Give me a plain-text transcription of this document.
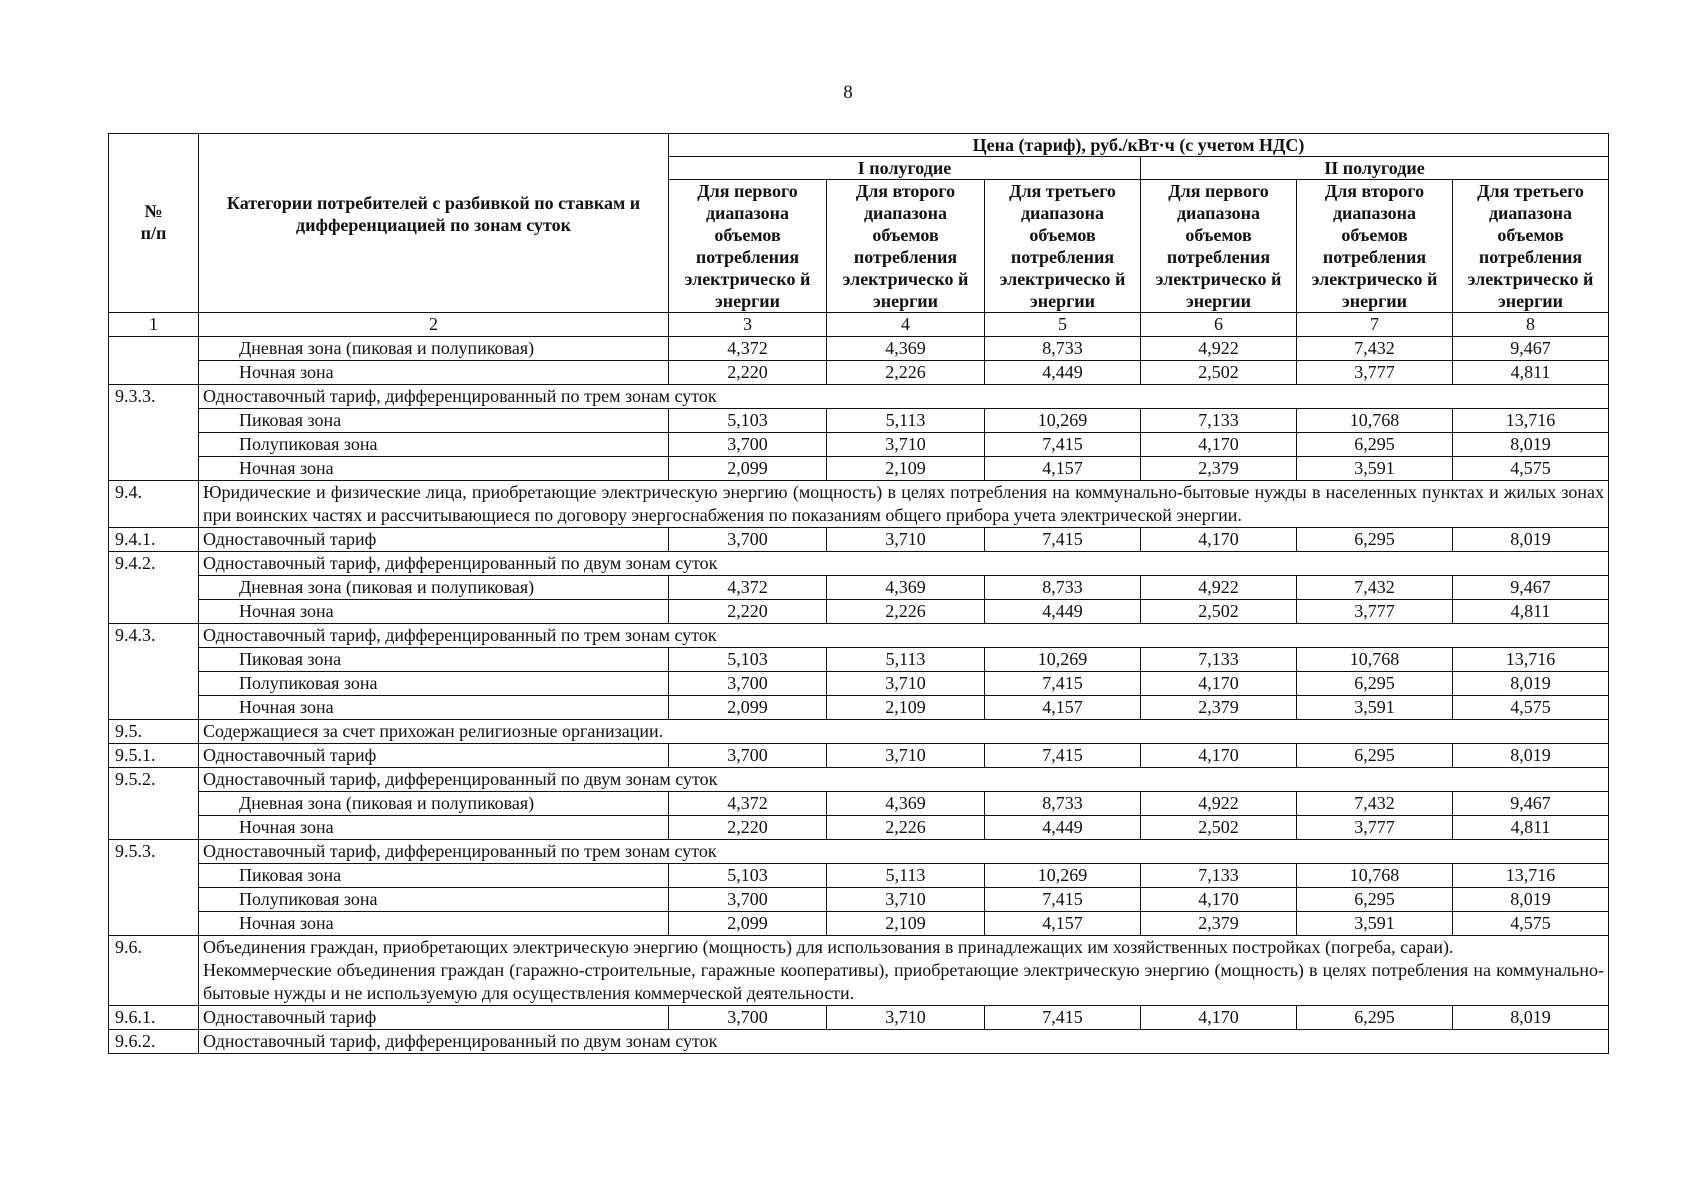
8
№
п/п	Категории потребителей с разбивкой по ставкам и дифференциацией по зонам суток	Цена (тариф), руб./кВт·ч (с учетом НДС)					
		I полугодие			II полугодие		
		Для первого диапазона объемов потребления электрическо й энергии	Для второго диапазона объемов потребления электрическо й энергии	Для третьего диапазона объемов потребления электрическо й энергии	Для первого диапазона объемов потребления электрическо й энергии	Для второго диапазона объемов потребления электрическо й энергии	Для третьего диапазона объемов потребления электрическо й энергии
1	2	3	4	5	6	7	8
	Дневная зона (пиковая и полупиковая)	4,372	4,369	8,733	4,922	7,432	9,467
	Ночная зона	2,220	2,226	4,449	2,502	3,777	4,811
9.3.3.	Одноставочный тариф, дифференцированный по трем зонам суток						

	Пиковая зона	5,103	5,113	10,269	7,133	10,768	13,716
	Полупиковая зона	3,700	3,710	7,415	4,170	6,295	8,019
	Ночная зона	2,099	2,109	4,157	2,379	3,591	4,575
9.4.	Юридические и физические лица, приобретающие электрическую энергию (мощность) в целях потребления на коммунально-бытовые нужды в населенных пунктах и жилых зонах при воинских частях и рассчитывающиеся по договору энергоснабжения по показаниям общего прибора учета электрической энергии.						

9.4.1.	Одноставочный тариф	3,700	3,710	7,415	4,170	6,295	8,019
9.4.2.	Одноставочный тариф, дифференцированный по двум зонам суток						

	Дневная зона (пиковая и полупиковая)	4,372	4,369	8,733	4,922	7,432	9,467
	Ночная зона	2,220	2,226	4,449	2,502	3,777	4,811
9.4.3.	Одноставочный тариф, дифференцированный по трем зонам суток						

	Пиковая зона	5,103	5,113	10,269	7,133	10,768	13,716
	Полупиковая зона	3,700	3,710	7,415	4,170	6,295	8,019
	Ночная зона	2,099	2,109	4,157	2,379	3,591	4,575
9.5.	Содержащиеся за счет прихожан религиозные организации.						

9.5.1.	Одноставочный тариф	3,700	3,710	7,415	4,170	6,295	8,019
9.5.2.	Одноставочный тариф, дифференцированный по двум зонам суток						

	Дневная зона (пиковая и полупиковая)	4,372	4,369	8,733	4,922	7,432	9,467
	Ночная зона	2,220	2,226	4,449	2,502	3,777	4,811
9.5.3.	Одноставочный тариф, дифференцированный по трем зонам суток						

	Пиковая зона	5,103	5,113	10,269	7,133	10,768	13,716
	Полупиковая зона	3,700	3,710	7,415	4,170	6,295	8,019
	Ночная зона	2,099	2,109	4,157	2,379	3,591	4,575
9.6.	Объединения граждан, приобретающих электрическую энергию (мощность) для использования в принадлежащих им хозяйственных постройках (погреба, сараи).
Некоммерческие объединения граждан (гаражно-строительные, гаражные кооперативы), приобретающие электрическую энергию (мощность) в целях потребления на коммунально-бытовые нужды и не используемую для осуществления коммерческой деятельности.						

9.6.1.	Одноставочный тариф	3,700	3,710	7,415	4,170	6,295	8,019
9.6.2.	Одноставочный тариф, дифференцированный по двум зонам суток						
